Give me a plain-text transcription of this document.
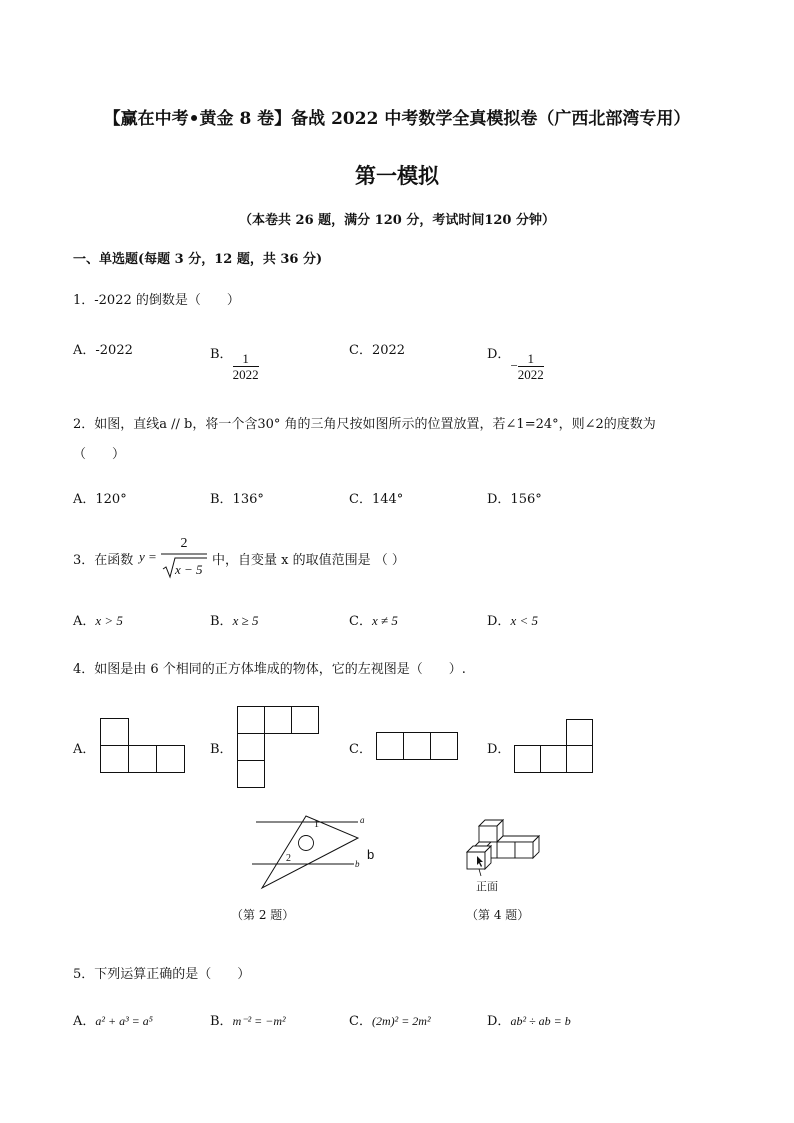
【赢在中考•黄金 8 卷】备战 2022 中考数学全真模拟卷（广西北部湾专用）
第一模拟
（本卷共 26 题，满分 120 分，考试时间120 分钟）
一、单选题(每题 3 分，12 题，共 36 分)
1．-2022 的倒数是（　　）
A．-2022	B． $\frac{1}{2022}$
C．2022	D．− $\frac{1}{2022}$
2．如图，直线a // b，将一个含30° 角的三角尺按如图所示的位置放置，若∠1=24°，则∠2的度数为
（　　）
A．120°	B．136°	C．144°	D．156°
3．在函数 y =
2
x − 5
中，自变量 x 的取值范围是 （ ）
A．x > 5	B．x ≥ 5	C．x ≠ 5	D．x < 5
4．如图是由 6 个相同的正方体堆成的物体，它的左视图是（　　）.
A．	B．	C．	D．
a
b
b
1
2
（第 2 题）
正面
（第 4 题）
5．下列运算正确的是（　　）
A．a² + a³ = a⁵	B．m⁻² = −m²	C．(2m)² = 2m²	D．ab² ÷ ab = b
